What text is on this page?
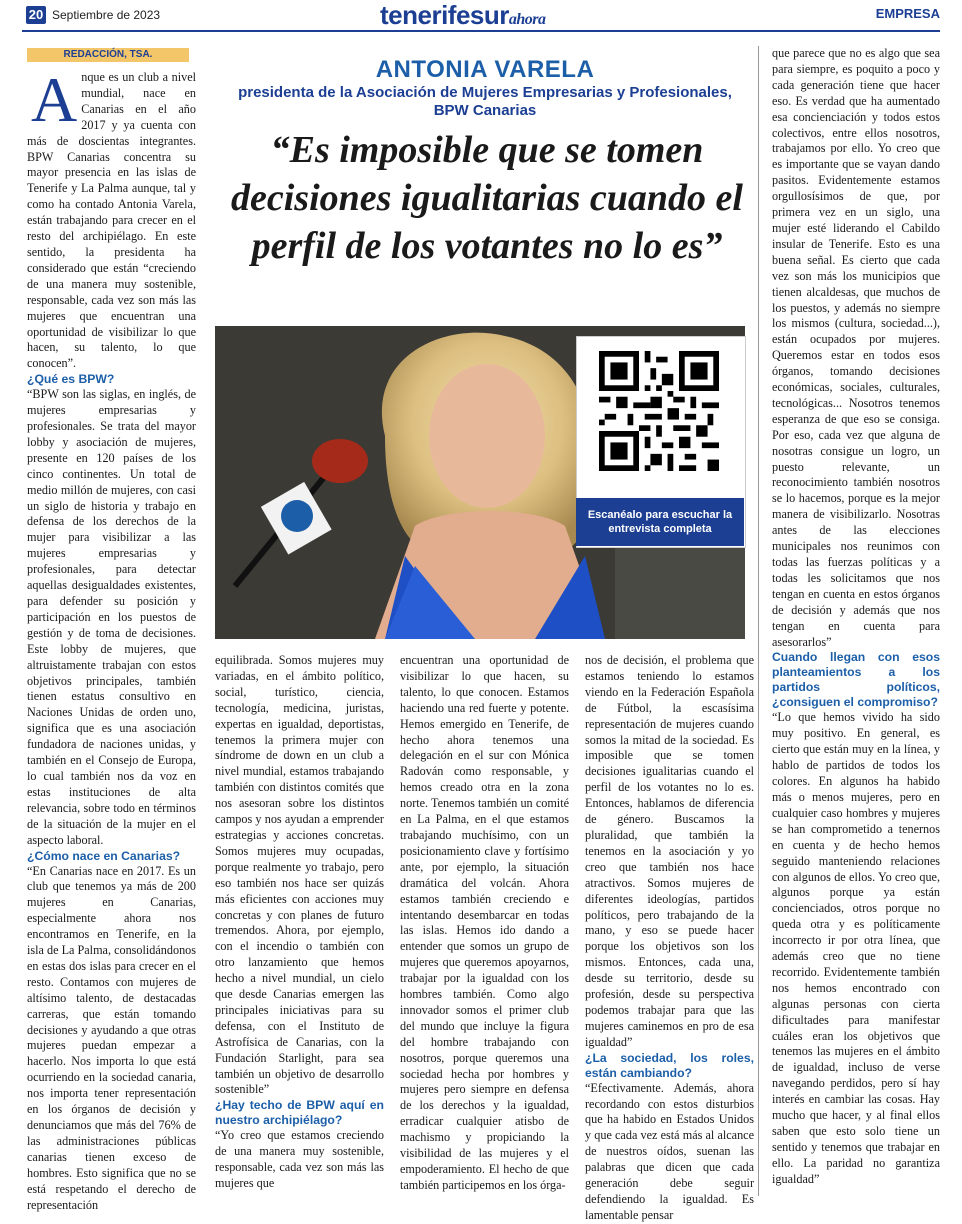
20 Septiembre de 2023	tenerifesurahora	EMPRESA
REDACCIÓN, TSA.
ANTONIA VARELA
presidenta de la Asociación de Mujeres Empresarias y Profesionales, BPW Canarias
“Es imposible que se tomen decisiones igualitarias cuando el perfil de los votantes no lo es”
Escanéalo para escuchar la entrevista completa
A nque es un club a nivel mundial, nace en Canarias en el año 2017 y ya cuenta con más de doscientas integrantes. BPW Canarias concentra su mayor presencia en las islas de Tenerife y La Palma aunque, tal y como ha contado Antonia Varela, están trabajando para crecer en el resto del archipiélago. En este sentido, la presidenta ha considerado que están “creciendo de una manera muy sostenible, responsable, cada vez son más las mujeres que encuentran una oportunidad de visibilizar lo que hacen, su talento, lo que conocen”.

¿Qué es BPW?

“BPW son las siglas, en inglés, de mujeres empresarias y profesionales. Se trata del mayor lobby y asociación de mujeres, presente en 120 países de los cinco continentes. Un total de medio millón de mujeres, con casi un siglo de historia y trabajo en defensa de los derechos de la mujer para visibilizar a las mujeres empresarias y profesionales, para detectar aquellas desigualdades existentes, para defender su posición y participación en los puestos de gestión y de toma de decisiones. Este lobby de mujeres, que altruistamente trabajan con estos objetivos principales, también tienen estatus consultivo en Naciones Unidas de orden uno, significa que es una asociación fundadora de naciones unidas, y también en el Consejo de Europa, lo cual también nos da voz en estas instituciones de alta relevancia, sobre todo en términos de la situación de la mujer en el aspecto laboral.

¿Cómo nace en Canarias?

“En Canarias nace en 2017. Es un club que tenemos ya más de 200 mujeres en Canarias, especialmente ahora nos encontramos en Tenerife, en la isla de La Palma, consolidándonos en estas dos islas para crecer en el resto. Contamos con mujeres de altísimo talento, de destacadas carreras, que están tomando decisiones y ayudando a que otras mujeres puedan empezar a hacerlo. Nos importa lo que está ocurriendo en la sociedad canaria, nos importa tener representación en los órganos de decisión y denunciamos que más del 76% de las administraciones públicas canarias tienen exceso de hombres. Esto significa que no se está respetando el derecho de representación

equilibrada. Somos mujeres muy variadas, en el ámbito político, social, turístico, ciencia, tecnología, medicina, juristas, expertas en igualdad, deportistas, tenemos la primera mujer con síndrome de down en un club a nivel mundial, estamos trabajando también con distintos comités que nos asesoran sobre los distintos campos y nos ayudan a emprender estrategias y acciones concretas. Somos mujeres muy ocupadas, porque realmente yo trabajo, pero eso también nos hace ser quizás más eficientes con acciones muy concretas y con planes de futuro tremendos. Ahora, por ejemplo, con el incendio o también con otro lanzamiento que hemos hecho a nivel mundial, un cielo que desde Canarias emergen las principales iniciativas para su defensa, con el Instituto de Astrofísica de Canarias, con la Fundación Starlight, para sea también un objetivo de desarrollo sostenible”

¿Hay techo de BPW aquí en nuestro archipiélago?

“Yo creo que estamos creciendo de una manera muy sostenible, responsable, cada vez son más las mujeres que

encuentran una oportunidad de visibilizar lo que hacen, su talento, lo que conocen. Estamos haciendo una red fuerte y potente. Hemos emergido en Tenerife, de hecho ahora tenemos una delegación en el sur con Mónica Radován como responsable, y hemos creado otra en la zona norte. Tenemos también un comité en La Palma, en el que estamos trabajando muchísimo, con un posicionamiento clave y fortísimo ante, por ejemplo, la situación dramática del volcán. Ahora estamos también creciendo e intentando desembarcar en todas las islas. Hemos ido dando a entender que somos un grupo de mujeres que queremos apoyarnos, trabajar por la igualdad con los hombres también. Como algo innovador somos el primer club del mundo que incluye la figura del hombre trabajando con nosotros, porque queremos una sociedad hecha por hombres y mujeres pero siempre en defensa de los derechos y la igualdad, erradicar cualquier atisbo de machismo y propiciando la visibilidad de las mujeres y el empoderamiento. El hecho de que también participemos en los órga-

nos de decisión, el problema que estamos teniendo lo estamos viendo en la Federación Española de Fútbol, la escasísima representación de mujeres cuando somos la mitad de la sociedad. Es imposible que se tomen decisiones igualitarias cuando el perfil de los votantes no lo es. Entonces, hablamos de diferencia de género. Buscamos la pluralidad, que también la tenemos en la asociación y yo creo que también nos hace atractivos. Somos mujeres de diferentes ideologías, partidos políticos, pero trabajando de la mano, y eso se puede hacer porque los objetivos son los mismos. Entonces, cada una, desde su territorio, desde su profesión, desde su perspectiva podemos trabajar para que las mujeres caminemos en pro de esa igualdad”

¿La sociedad, los roles, están cambiando?

“Efectivamente. Además, ahora recordando con estos disturbios que ha habido en Estados Unidos y que cada vez está más al alcance de nuestros oídos, suenan las palabras que dicen que cada generación debe seguir defendiendo la igualdad. Es lamentable pensar

que parece que no es algo que sea para siempre, es poquito a poco y cada generación tiene que hacer eso. Es verdad que ha aumentado esa concienciación y todos estos colectivos, entre ellos nosotros, trabajamos por ello. Yo creo que es importante que se vayan dando pasitos. Evidentemente estamos orgullosísimos de que, por primera vez en un siglo, una mujer esté liderando el Cabildo insular de Tenerife. Esto es una buena señal. Es cierto que cada vez son más los municipios que tienen alcaldesas, que muchos de los puestos, y además no siempre los mismos (cultura, sociedad...), están ocupados por mujeres. Queremos estar en todos esos órganos, tomando decisiones económicas, sociales, culturales, tecnológicas... Nosotros tenemos esperanza de que eso se consiga. Por eso, cada vez que alguna de nosotras consigue un logro, un puesto relevante, un reconocimiento también nosotros se lo hacemos, porque es la mejor manera de visibilizarlo. Nosotras antes de las elecciones municipales nos reunimos con todas las fuerzas políticas y a todas les solicitamos que nos tengan en cuenta en estos órganos de decisión y además que nos tengan en cuenta para asesorarlos”

Cuando llegan con esos planteamientos a los partidos políticos, ¿consiguen el compromiso?

“Lo que hemos vivido ha sido muy positivo. En general, es cierto que están muy en la línea, y hablo de partidos de todos los colores. En algunos ha habido más o menos mujeres, pero en cualquier caso hombres y mujeres se han comprometido a tenernos en cuenta y de hecho hemos seguido manteniendo relaciones con algunos de ellos. Yo creo que, algunos porque ya están concienciados, otros porque no queda otra y es políticamente incorrecto ir por otra línea, que además creo que no tiene recorrido. Evidentemente también nos hemos encontrado con algunas personas con cierta dificultades para manifestar cuáles eran los objetivos que tenemos las mujeres en el ámbito de igualdad, incluso de verse navegando perdidos, pero sí hay interés en cambiar las cosas. Hay mucho que hacer, y al final ellos saben que esto solo tiene un sentido y tenemos que trabajar en ello. La paridad no garantiza igualdad”
